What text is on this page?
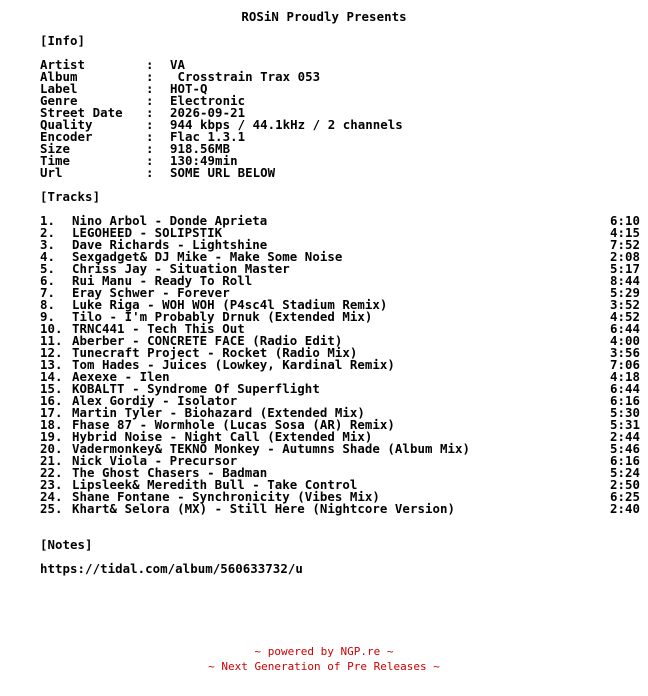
ROSiN Proudly Presents
[Info]
Artist	: VA
Album	: Crosstrain Trax 053
Label	: HOT-Q
Genre	: Electronic
Street Date : 2026-09-21
Quality	: 944 kbps / 44.1kHz / 2 channels
Encoder	: Flac 1.3.1
Size	: 918.56MB
Time	: 130:49min
Url	: SOME URL BELOW
[Tracks]
1. Nino Arbol - Donde Aprieta	6:10
2. LEGOHEED - SOLIPSTIK	4:15
3. Dave Richards - Lightshine	7:52
4. Sexgadget& DJ Mike - Make Some Noise	2:08
5. Chriss Jay - Situation Master	5:17
6. Rui Manu - Ready To Roll	8:44
7. Eray Schwer - Forever	5:29
8. Luke Riga - WOH WOH (P4sc4l Stadium Remix)	3:52
9. Tilo - I'm Probably Drnuk (Extended Mix)	4:52
10. TRNC441 - Tech This Out	6:44
11. Aberber - CONCRETE FACE (Radio Edit)	4:00
12. Tunecraft Project - Rocket (Radio Mix)	3:56
13. Tom Hades - Juices (Lowkey, Kardinal Remix)	7:06
14. Aexexe - Ilen	4:18
15. KOBALTT - Syndrome Of Superflight	6:44
16. Alex Gordiy - Isolator	6:16
17. Martin Tyler - Biohazard (Extended Mix)	5:30
18. Fhase 87 - Wormhole (Lucas Sosa (AR) Remix)	5:31
19. Hybrid Noise - Night Call (Extended Mix)	2:44
20. Vadermonkey& TEKNO Monkey - Autumns Shade (Album Mix)	5:46
21. Nick Viola - Precursor	6:16
22. The Ghost Chasers - Badman	5:24
23. Lipsleek& Meredith Bull - Take Control	2:50
24. Shane Fontane - Synchronicity (Vibes Mix)	6:25
25. Khart& Selora (MX) - Still Here (Nightcore Version)	2:40
[Notes]
https://tidal.com/album/560633732/u
~ powered by NGP.re ~
~ Next Generation of Pre Releases ~
